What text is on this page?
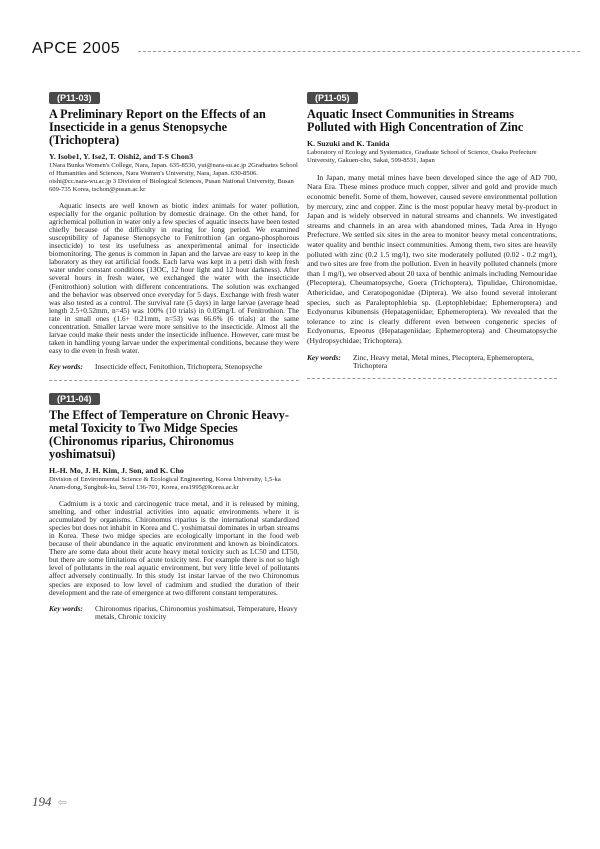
APCE 2005
(P11-03)
A Preliminary Report on the Effects of an Insecticide in a genus Stenopsyche (Trichoptera)
Y. Isobe1, Y. Ise2, T. Oishi2, and T-S Chon3
1Nara Bunka Women's College, Nara, Japan. 635-8530, yui@nara-su.ac.jp 2Graduates School of Humanities and Sciences, Nara Women's University, Nara, Japan. 630-8506. oishi@cc.nara-wu.ac.jp 3 Division of Biological Sciences, Pusan National University, Busan 609-735 Korea, tschon@pusan.ac.kr

Aquatic insects are well known as biotic index animals for water pollution, especially for the organic pollution by domestic drainage. On the other hand, for agrichemical pollution in water only a few species of aquatic insects have been tested chiefly because of the difficulty in rearing for long period. We examined susceptibility of Japanese Stenopsyche to Fenitrothion (an organo-phosphorous insecticide) to test its usefulness as anexperimental animal for insecticide biomonitoring. The genus is common in Japan and the larvae are easy to keep in the laboratory as they eat artificial foods. Each larva was kept in a petri dish with fresh water under constant conditions (13OC, 12 hour light and 12 hour darkness). After several hours in fresh water, we exchanged the water with the insecticide (Fenitrothion) solution with different concentrations. The solution was exchanged and the behavior was observed once everyday for 5 days. Exchange with fresh water was also tested as a control. The survival rate (5 days) in large larvae (average head length 2.5+0.52mm, n=45) was 100% (10 trials) in 0.05mg/L of Fenitrothion. The rate in small ones (1.6+ 0.21mm, n=53) was 66.6% (6 trials) at the same concentration. Smaller larvae were more sensitive to the insecticide. Almost all the larvae could make their nests under the insecticide influence. However, care must be taken in handling young larvae under the experimental conditions, because they were easy to die even in fresh water.

Key words:	Insecticide effect, Fenitothion, Trichoptera, Stenopsyche
(P11-04)
The Effect of Temperature on Chronic Heavy-metal Toxicity to Two Midge Species (Chironomus riparius, Chironomus yoshimatsui)
H.-H. Mo, J. H. Kim, J. Son, and K. Cho
Division of Environmental Science & Ecological Engineering, Korea University, 1,5-ka Anam-dong, Sungbuk-ku, Seoul 136-701, Korea, era1995@Korea.ac.kr

Cadmium is a toxic and carcinogenic trace metal, and it is released by mining, smelting, and other industrial activities into aquatic environments where it is accumulated by organisms. Chironomus riparius is the international standardized species but does not inhabit in Korea and C. yoshimatsui dominates in urban streams in Korea. These two midge species are ecologically important in the food web because of their abundance in the aquatic environment and known as bioindicators. There are some data about their acute heavy metal toxicity such as LC50 and LT50, but there are some limitations of acute toxicity test. For example there is not so high level of pollutants in the real aquatic environment, but very little level of pollutants affect adversely continually. In this study 1st instar larvae of the two Chironomus species are exposed to low level of cadmium and studied the duration of their development and the rate of emergence at two different constant temperatures.

Key words:	Chironomus riparius, Chironomus yoshimatsui, Temperature, Heavy metals, Chronic toxicity
(P11-05)
Aquatic Insect Communities in Streams Polluted with High Concentration of Zinc
K. Suzuki and K. Tanida
Laboratory of Ecology and Systematics, Graduate School of Science, Osaka Prefecture University, Gakuen-cho, Sakai, 599-8531, Japan

In Japan, many metal mines have been developed since the age of AD 700, Nara Era. These mines produce much copper, silver and gold and provide much economic benefit. Some of them, however, caused severe environmental pollution by mercury, zinc and copper. Zinc is the most popular heavy metal by-product in Japan and is widely observed in natural streams and channels. We investigated streams and channels in an area with abandoned mines, Tada Area in Hyogo Prefecture. We settled six sites in the area to monitor heavy metal concentrations, water quality and benthic insect communities. Among them, two sites are heavily polluted with zinc (0.2 1.5 mg/l), two site moderately polluted (0.02 - 0.2 mg/l), and two sites are free from the pollution. Even in heavily polluted channels (more than 1 mg/l), we observed about 20 taxa of benthic animals including Nemouridae (Plecoptera), Cheumatopsyche, Goera (Trichoptera), Tipulidae, Chironomidae, Athericidae, and Ceratopogonidae (Diptera). We also found several intolerant species, such as Paraleptophlebia sp. (Leptophlebidae; Ephemeroptera) and Ecdyonurus kibunensis (Hepatageniidae; Ephemeroptera). We revealed that the tolerance to zinc is clearly different even between congeneric species of Ecdyonurus, Epeorus (Hepatageniidae; Ephemeroptera) and Cheumatopsyche (Hydropsychidae; Trichoptera).

Key words:	Zinc, Heavy metal, Metal mines, Plecoptera, Ephemeroptera, Trichoptera
194 ⇦
